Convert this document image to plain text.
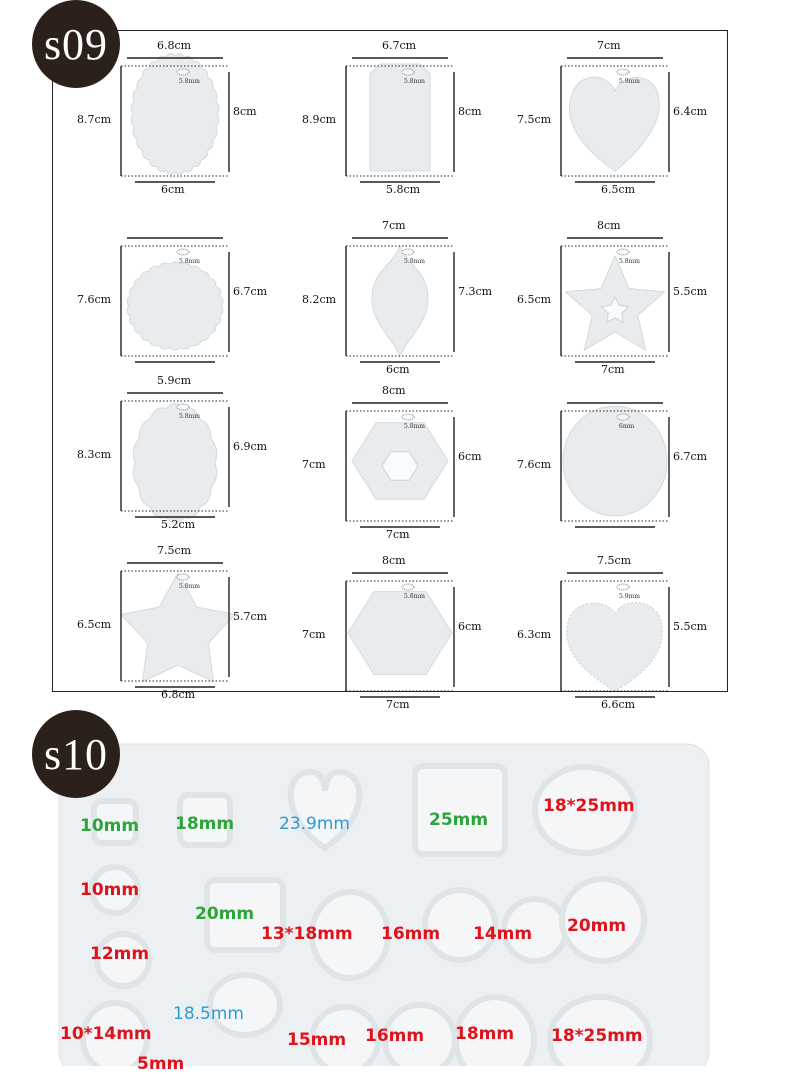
s09	6.8cm
6cm
8.7cm
8cm
5.8mm
6.7cm
5.8cm
8.9cm
8cm
5.8mm
7cm
6.5cm
7.5cm
6.4cm
5.9mm
7.6cm
6.7cm
5.8mm
7cm
6cm
8.2cm
7.3cm
5.8mm
8cm
7cm
6.5cm
5.5cm
5.8mm
5.9cm
5.2cm
8.3cm
6.9cm
5.8mm
8cm
7cm
7cm
6cm
5.8mm
7.6cm
6.7cm
6mm
7.5cm
6.8cm
6.5cm
5.7cm
5.8mm
8cm
7cm
7cm
6cm
5.8mm
7.5cm
6.6cm
6.3cm
5.5cm
5.9mm
s10
10mm 18mm	23.9mm	25mm
18*25mm
10mm
20mm
13*18mm 16mm 14mm 20mm
12mm
18.5mm
10*14mm	15mm 16mm 18mm 18*25mm
5mm
